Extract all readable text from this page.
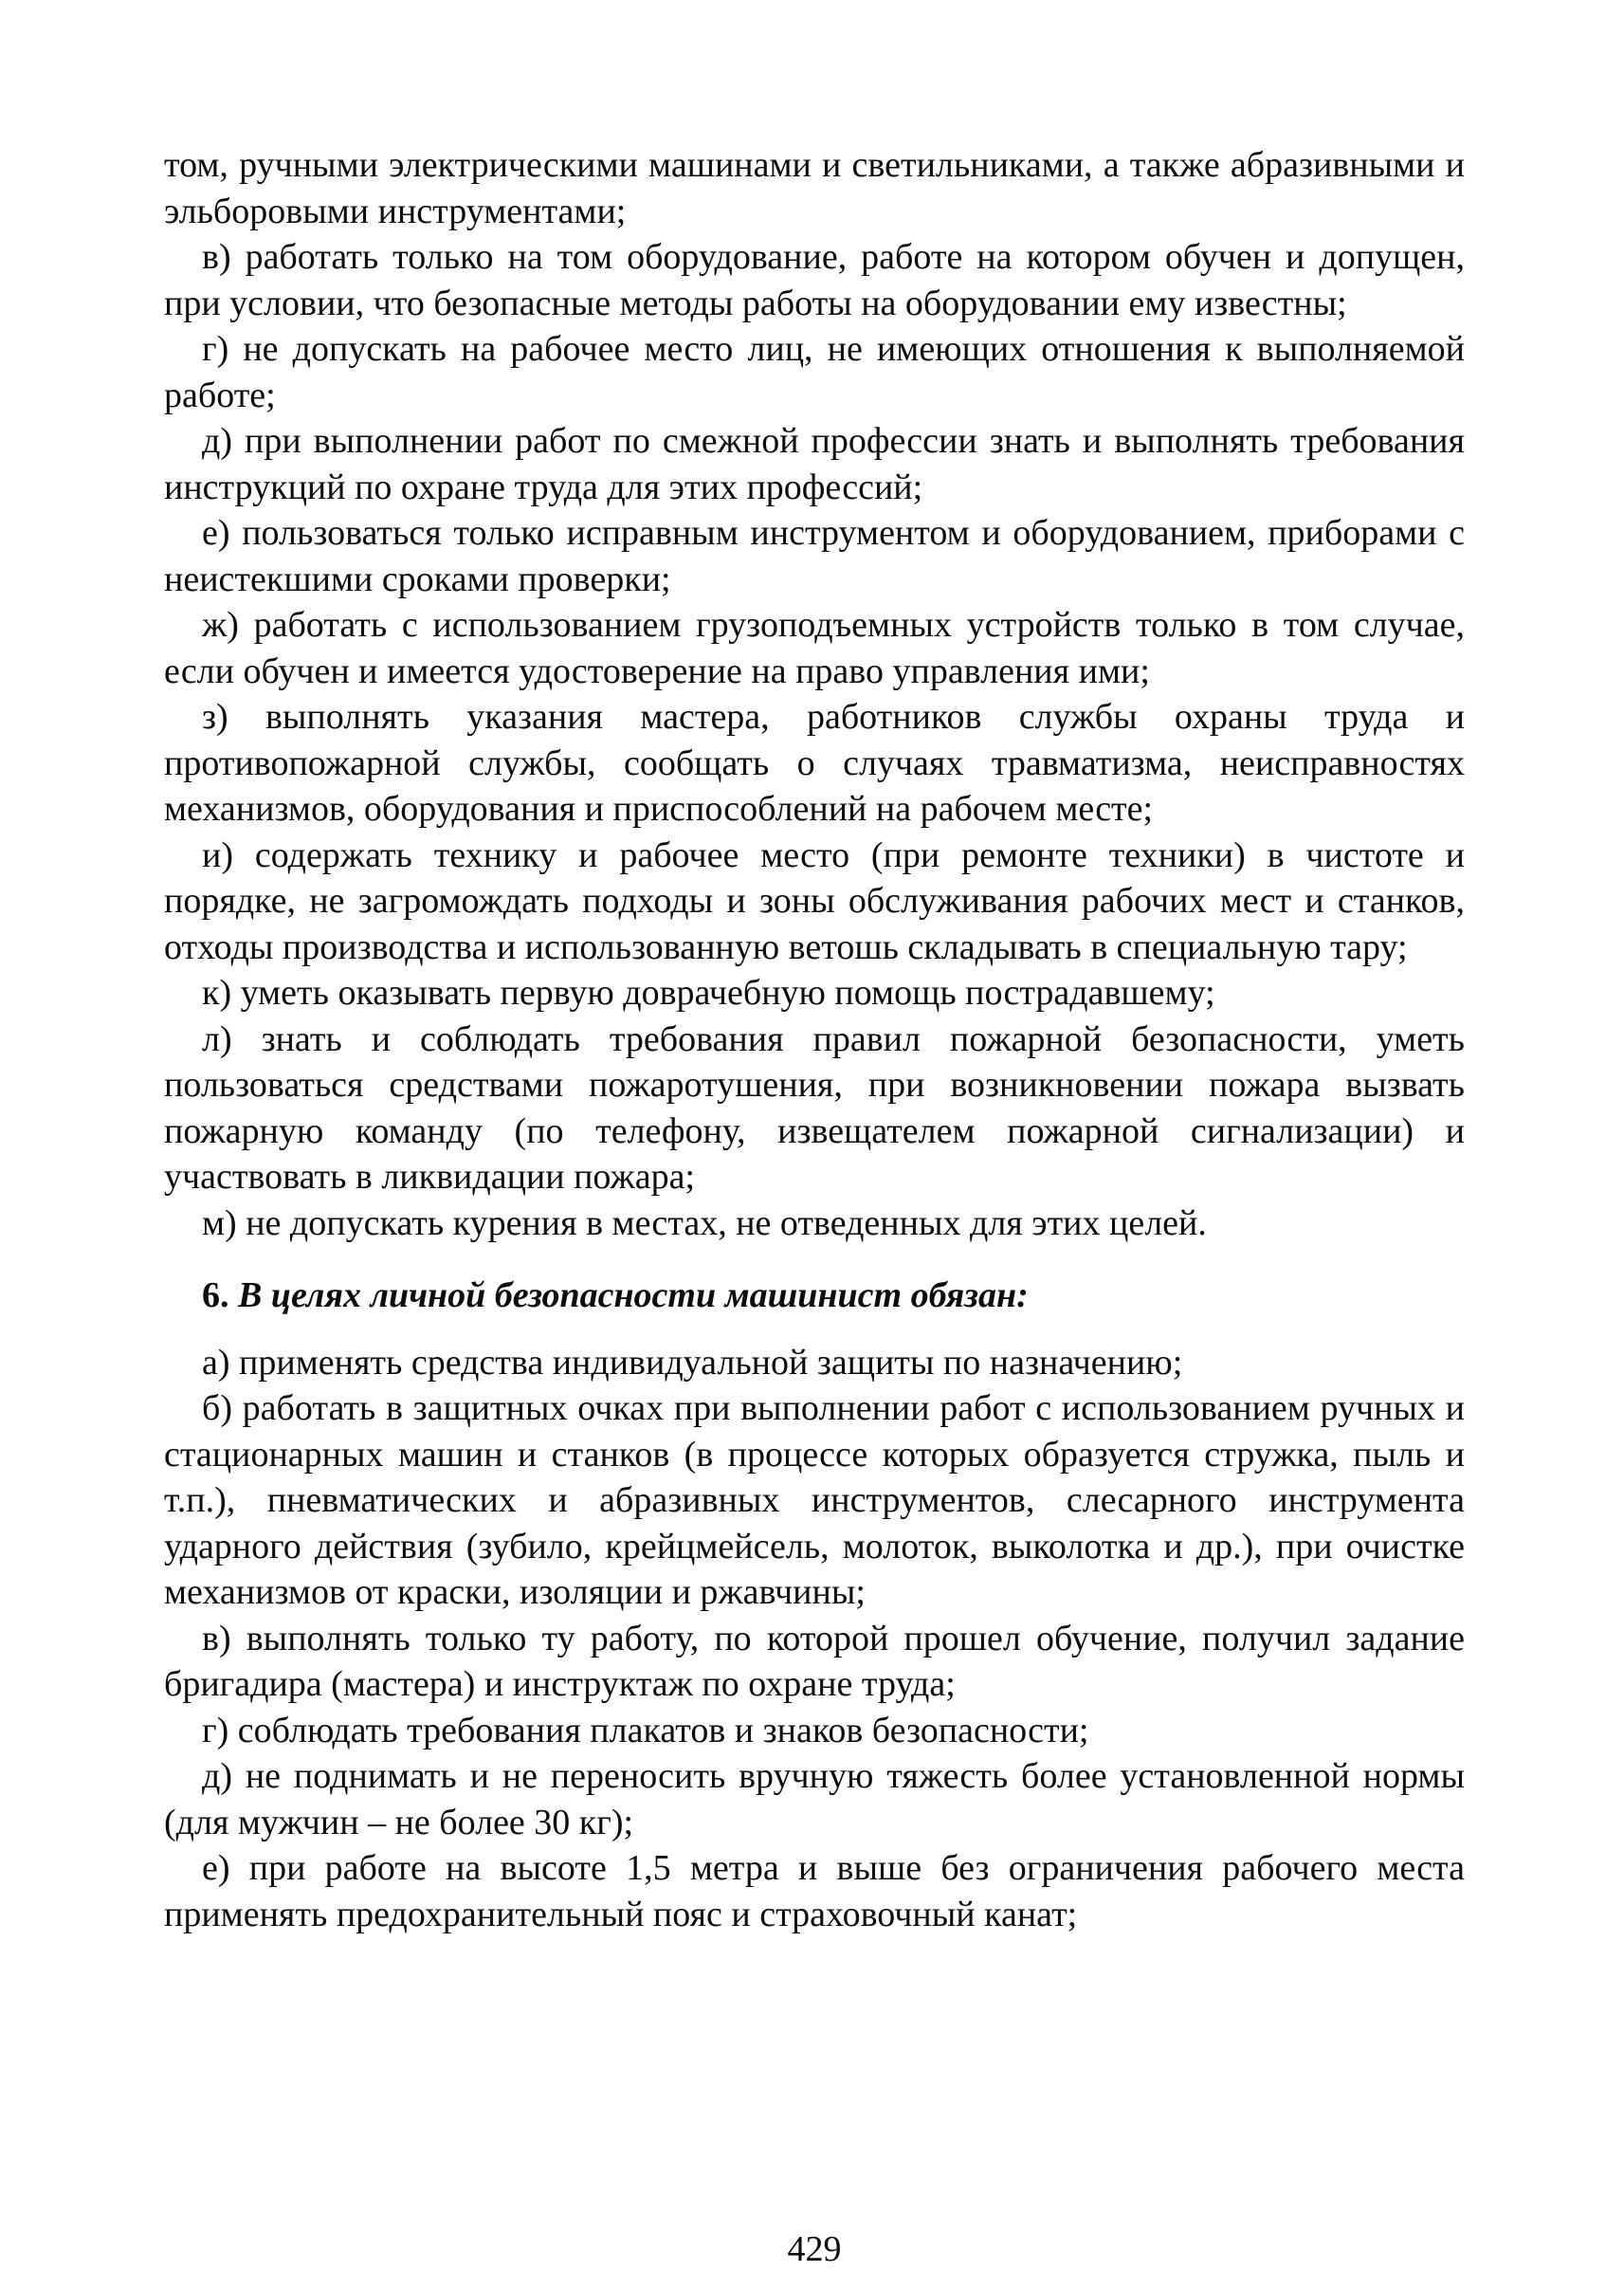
том, ручными электрическими машинами и светильниками, а также абразивными и эльборовыми инструментами;

в) работать только на том оборудование, работе на котором обучен и допущен, при условии, что безопасные методы работы на оборудовании ему известны;

г) не допускать на рабочее место лиц, не имеющих отношения к выполняемой работе;

д) при выполнении работ по смежной профессии знать и выполнять требования инструкций по охране труда для этих профессий;

е) пользоваться только исправным инструментом и оборудованием, приборами с неистекшими сроками проверки;

ж) работать с использованием грузоподъемных устройств только в том случае, если обучен и имеется удостоверение на право управления ими;

з) выполнять указания мастера, работников службы охраны труда и противопожарной службы, сообщать о случаях травматизма, неисправностях механизмов, оборудования и приспособлений на рабочем месте;

и) содержать технику и рабочее место (при ремонте техники) в чистоте и порядке, не загромождать подходы и зоны обслуживания рабочих мест и станков, отходы производства и использованную ветошь складывать в специальную тару;

к) уметь оказывать первую доврачебную помощь пострадавшему;

л) знать и соблюдать требования правил пожарной безопасности, уметь пользоваться средствами пожаротушения, при возникновении пожара вызвать пожарную команду (по телефону, извещателем пожарной сигнализации) и участвовать в ликвидации пожара;

м) не допускать курения в местах, не отведенных для этих целей.

6. В целях личной безопасности машинист обязан:

а) применять средства индивидуальной защиты по назначению;

б) работать в защитных очках при выполнении работ с использованием ручных и стационарных машин и станков (в процессе которых образуется стружка, пыль и т.п.), пневматических и абразивных инструментов, слесарного инструмента ударного действия (зубило, крейцмейсель, молоток, выколотка и др.), при очистке механизмов от краски, изоляции и ржавчины;

в) выполнять только ту работу, по которой прошел обучение, получил задание бригадира (мастера) и инструктаж по охране труда;

г) соблюдать требования плакатов и знаков безопасности;

д) не поднимать и не переносить вручную тяжесть более установленной нормы (для мужчин – не более 30 кг);

е) при работе на высоте 1,5 метра и выше без ограничения рабочего места применять предохранительный пояс и страховочный канат;

429
